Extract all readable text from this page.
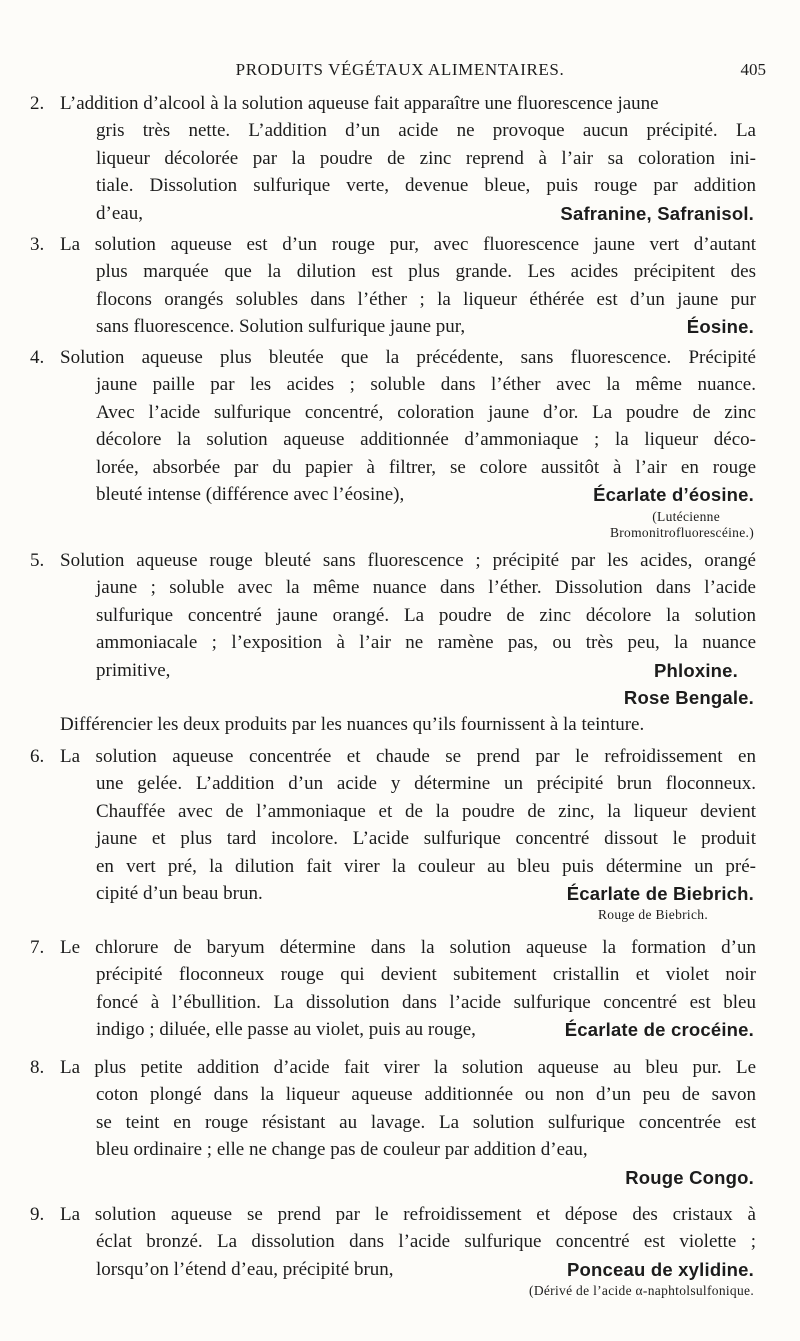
PRODUITS VÉGÉTAUX ALIMENTAIRES.	405
2. L’addition d’alcool à la solution aqueuse fait apparaître une fluorescence jaune
gris très nette. L’addition d’un acide ne provoque aucun précipité. La
liqueur décolorée par la poudre de zinc reprend à l’air sa coloration ini-
tiale. Dissolution sulfurique verte, devenue bleue, puis rouge par addition
d’eau,	Safranine, Safranisol.
3. La solution aqueuse est d’un rouge pur, avec fluorescence jaune vert d’autant
plus marquée que la dilution est plus grande. Les acides précipitent des
flocons orangés solubles dans l’éther ; la liqueur éthérée est d’un jaune pur
sans fluorescence. Solution sulfurique jaune pur,	Éosine.
4. Solution aqueuse plus bleutée que la précédente, sans fluorescence. Précipité
jaune paille par les acides ; soluble dans l’éther avec la même nuance.
Avec l’acide sulfurique concentré, coloration jaune d’or. La poudre de zinc
décolore la solution aqueuse additionnée d’ammoniaque ; la liqueur déco-
lorée, absorbée par du papier à filtrer, se colore aussitôt à l’air en rouge
bleuté intense (différence avec l’éosine),	Écarlate d’éosine.
(Lutécienne
Bromonitrofluorescéine.)
5. Solution aqueuse rouge bleuté sans fluorescence ; précipité par les acides, orangé
jaune ; soluble avec la même nuance dans l’éther. Dissolution dans l’acide
sulfurique concentré jaune orangé. La poudre de zinc décolore la solution
ammoniacale ; l’exposition à l’air ne ramène pas, ou très peu, la nuance
primitive,	Phloxine.
Rose Bengale.
Différencier les deux produits par les nuances qu’ils fournissent à la teinture.
6. La solution aqueuse concentrée et chaude se prend par le refroidissement en
une gelée. L’addition d’un acide y détermine un précipité brun floconneux.
Chauffée avec de l’ammoniaque et de la poudre de zinc, la liqueur devient
jaune et plus tard incolore. L’acide sulfurique concentré dissout le produit
en vert pré, la dilution fait virer la couleur au bleu puis détermine un pré-
cipité d’un beau brun.	Écarlate de Biebrich.
Rouge de Biebrich.
7. Le chlorure de baryum détermine dans la solution aqueuse la formation d’un
précipité floconneux rouge qui devient subitement cristallin et violet noir
foncé à l’ébullition. La dissolution dans l’acide sulfurique concentré est bleu
indigo ; diluée, elle passe au violet, puis au rouge,	Écarlate de crocéine.
8. La plus petite addition d’acide fait virer la solution aqueuse au bleu pur. Le
coton plongé dans la liqueur aqueuse additionnée ou non d’un peu de savon
se teint en rouge résistant au lavage. La solution sulfurique concentrée est
bleu ordinaire ; elle ne change pas de couleur par addition d’eau,
Rouge Congo.
9. La solution aqueuse se prend par le refroidissement et dépose des cristaux à
éclat bronzé. La dissolution dans l’acide sulfurique concentré est violette ;
lorsqu’on l’étend d’eau, précipité brun,	Ponceau de xylidine.
(Dérivé de l’acide α-naphtolsulfonique.
